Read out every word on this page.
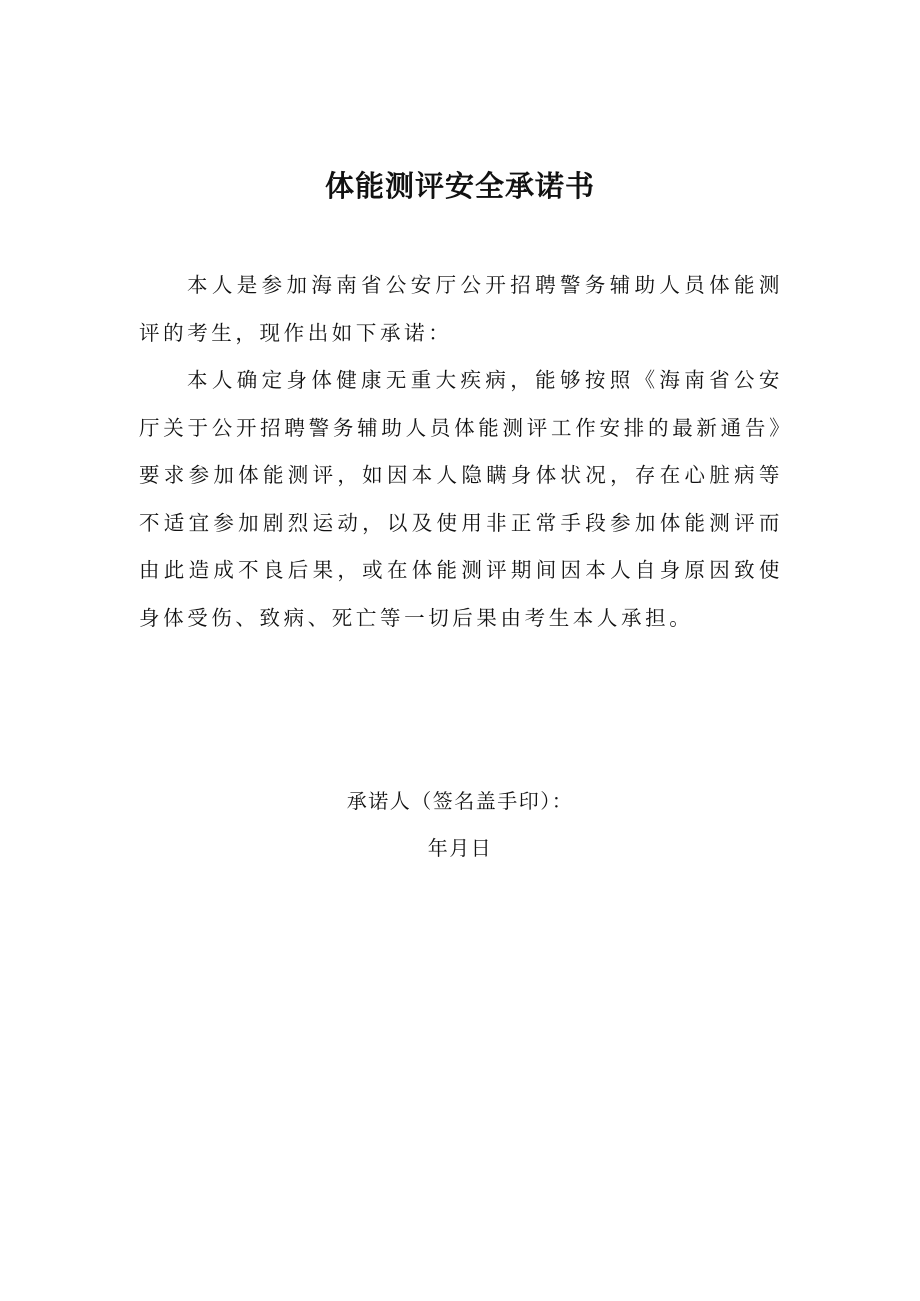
体能测评安全承诺书

本人是参加海南省公安厅公开招聘警务辅助人员体能测评的考生，现作出如下承诺：

本人确定身体健康无重大疾病，能够按照《海南省公安厅关于公开招聘警务辅助人员体能测评工作安排的最新通告》要求参加体能测评，如因本人隐瞒身体状况，存在心脏病等不适宜参加剧烈运动，以及使用非正常手段参加体能测评而由此造成不良后果，或在体能测评期间因本人自身原因致使身体受伤、致病、死亡等一切后果由考生本人承担。

承诺人（签名盖手印）：
年月日
